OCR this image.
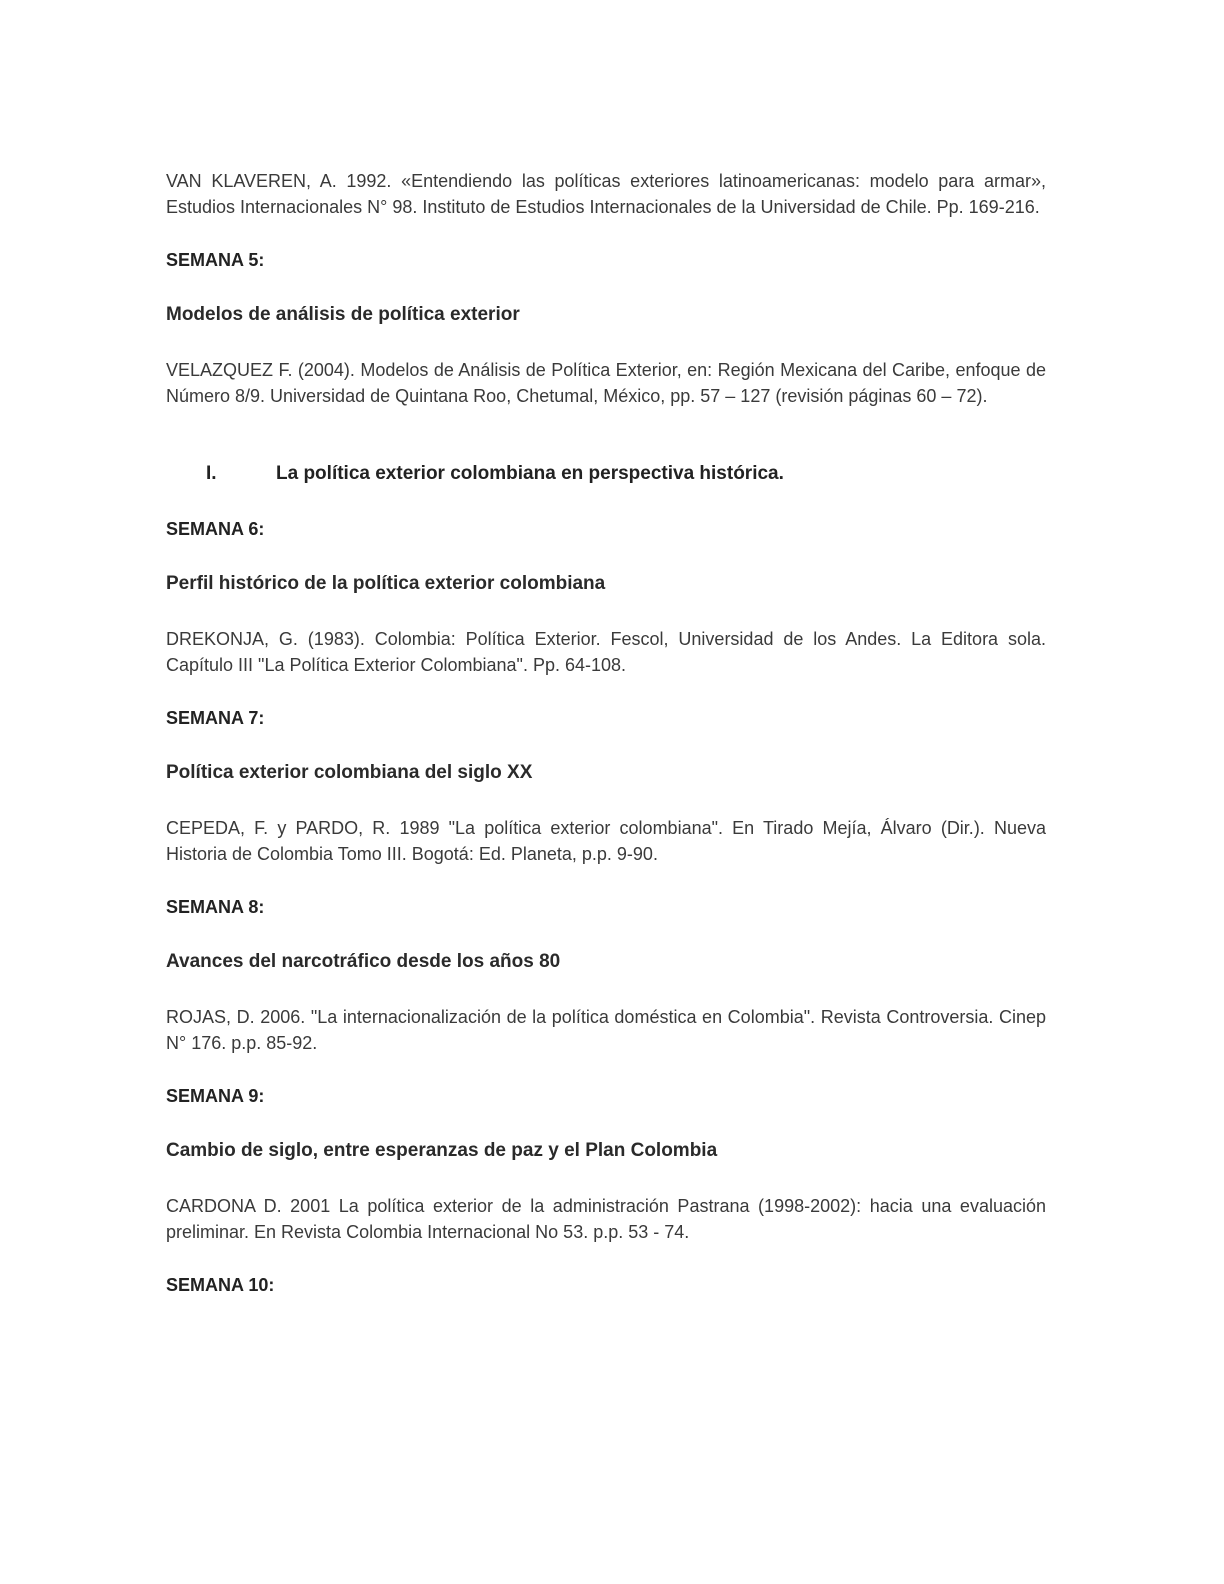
VAN KLAVEREN, A. 1992. «Entendiendo las políticas exteriores latinoamericanas: modelo para armar», Estudios Internacionales N° 98. Instituto de Estudios Internacionales de la Universidad de Chile. Pp. 169-216.

SEMANA 5:

Modelos de análisis de política exterior

VELAZQUEZ F. (2004). Modelos de Análisis de Política Exterior, en: Región Mexicana del Caribe, enfoque de Número 8/9. Universidad de Quintana Roo, Chetumal, México, pp. 57 – 127 (revisión páginas 60 – 72).

I.	La política exterior colombiana en perspectiva histórica.

SEMANA 6:

Perfil histórico de la política exterior colombiana

DREKONJA, G. (1983). Colombia: Política Exterior. Fescol, Universidad de los Andes. La Editora sola. Capítulo III "La Política Exterior Colombiana". Pp. 64-108.

SEMANA 7:

Política exterior colombiana del siglo XX

CEPEDA, F. y PARDO, R. 1989 "La política exterior colombiana". En Tirado Mejía, Álvaro (Dir.). Nueva Historia de Colombia Tomo III. Bogotá: Ed. Planeta, p.p. 9-90.

SEMANA 8:

Avances del narcotráfico desde los años 80

ROJAS, D. 2006. "La internacionalización de la política doméstica en Colombia". Revista Controversia. Cinep N° 176. p.p. 85-92.

SEMANA 9:

Cambio de siglo, entre esperanzas de paz y el Plan Colombia

CARDONA D. 2001 La política exterior de la administración Pastrana (1998-2002): hacia una evaluación preliminar. En Revista Colombia Internacional No 53. p.p. 53 - 74.

SEMANA 10:
